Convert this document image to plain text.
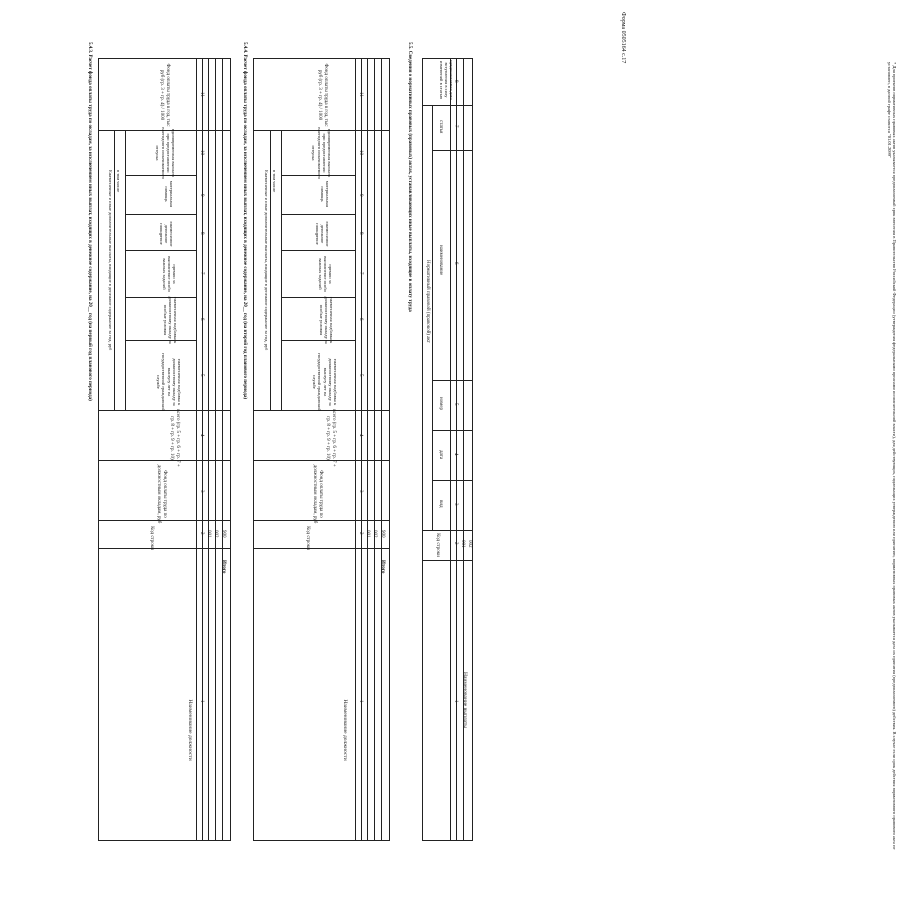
Форма 0505164 с.17
5.4.3. Расчет фонда оплаты труда по окладам, за исключением иных выплат, входящих в денежное содержание, на 20__ год (на первый год планового периода)
Наименование должности
Код строки
Фонд оплаты труда по должностным окладам, руб
всего (гр. 5 + гр. 6 + гр. 7 + гр. 8 + гр. 9 + гр. 10)
Ежемесячные и иные дополнительные выплаты, входящие в денежное содержание за год, руб в том числе
ежемесячная надбавка к должностному окладу за выслугу лет на государственной гражданской службе
ежемесячная надбавка к должностному окладу за особые условия
премии за выполнение особо важных заданий
ежемесячное денежное поощрение
материальная помощь
единовременная выплата при предоставлении ежегодного оплачиваемого отпуска
Фонд оплаты труда в год, тыс руб (гр. 3 + гр. 4) / 1000
1
2
3
4
5
6
7
8
9
10
11
001 002
Итого
900
5.4.4. Расчет фонда оплаты труда по окладам, за исключением иных выплат, входящих в денежное содержание, на 20__ год (на второй год планового периода)
Наименование должности
Код строки
Фонд оплаты труда по должностным окладам, руб
всего (гр. 5 + гр. 6 + гр. 7 + гр. 8 + гр. 9 + гр. 10)
Ежемесячные и иные дополнительные выплаты, входящие в денежное содержание за год, руб в том числе
ежемесячная надбавка к должностному окладу за выслугу лет на государственной гражданской службе
ежемесячная надбавка к должностному окладу за особые условия
премии за выполнение особо важных заданий
ежемесячное денежное поощрение
материальная помощь
единовременная выплата при предоставлении ежегодного оплачиваемого отпуска
Фонд оплаты труда в год, тыс руб (гр. 3 + гр. 4) / 1000
1
2
3
4
5
6
7
8
9
10
11
001 002
Итого
900
5.5. Сведения о нормативных правовых (правовых) актах, устанавливающих иные выплаты, входящие в оплату труда
Наименование выплаты
Код строки
Нормативный правовой (правовой) акт
вид
дата
номер
наименование
статья
предполагаемая дата вступления в силу изменений в статью
1
2
3
4
5
6
7
8
001 002	* Для проектов нормативных правовых актов указывается предполагаемый срок внесения в Правительство Российской Федерации (утверждения федеральными органами исполнительной власти), для действующих, подлежащих утверждению или принятию, нормативных правовых актов указывается дата их принятия (предполагаемого) действия. В случае если срок действия нормативного правового акта не установлен, в данной графе ставится "01.01.2099"
